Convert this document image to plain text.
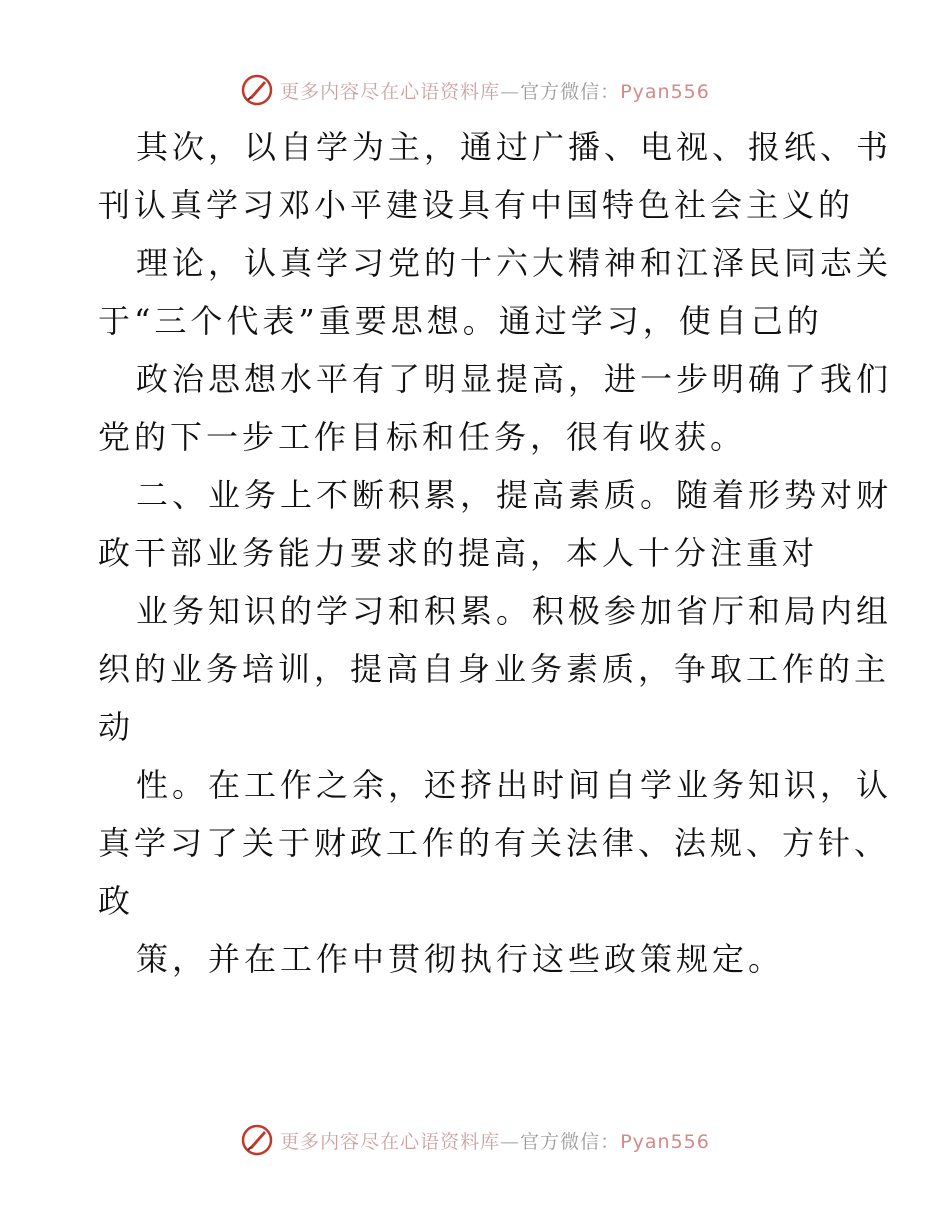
更多内容尽在心语资料库—官方微信：Pyan556
其次，以自学为主，通过广播、电视、报纸、书
刊认真学习邓小平建设具有中国特色社会主义的
理论，认真学习党的十六大精神和江泽民同志关
于“三个代表”重要思想。通过学习，使自己的
政治思想水平有了明显提高，进一步明确了我们
党的下一步工作目标和任务，很有收获。
二、业务上不断积累，提高素质。随着形势对财
政干部业务能力要求的提高，本人十分注重对
业务知识的学习和积累。积极参加省厅和局内组
织的业务培训，提高自身业务素质，争取工作的主
动
性。在工作之余，还挤出时间自学业务知识，认
真学习了关于财政工作的有关法律、法规、方针、
政
策，并在工作中贯彻执行这些政策规定。
更多内容尽在心语资料库—官方微信：Pyan556
